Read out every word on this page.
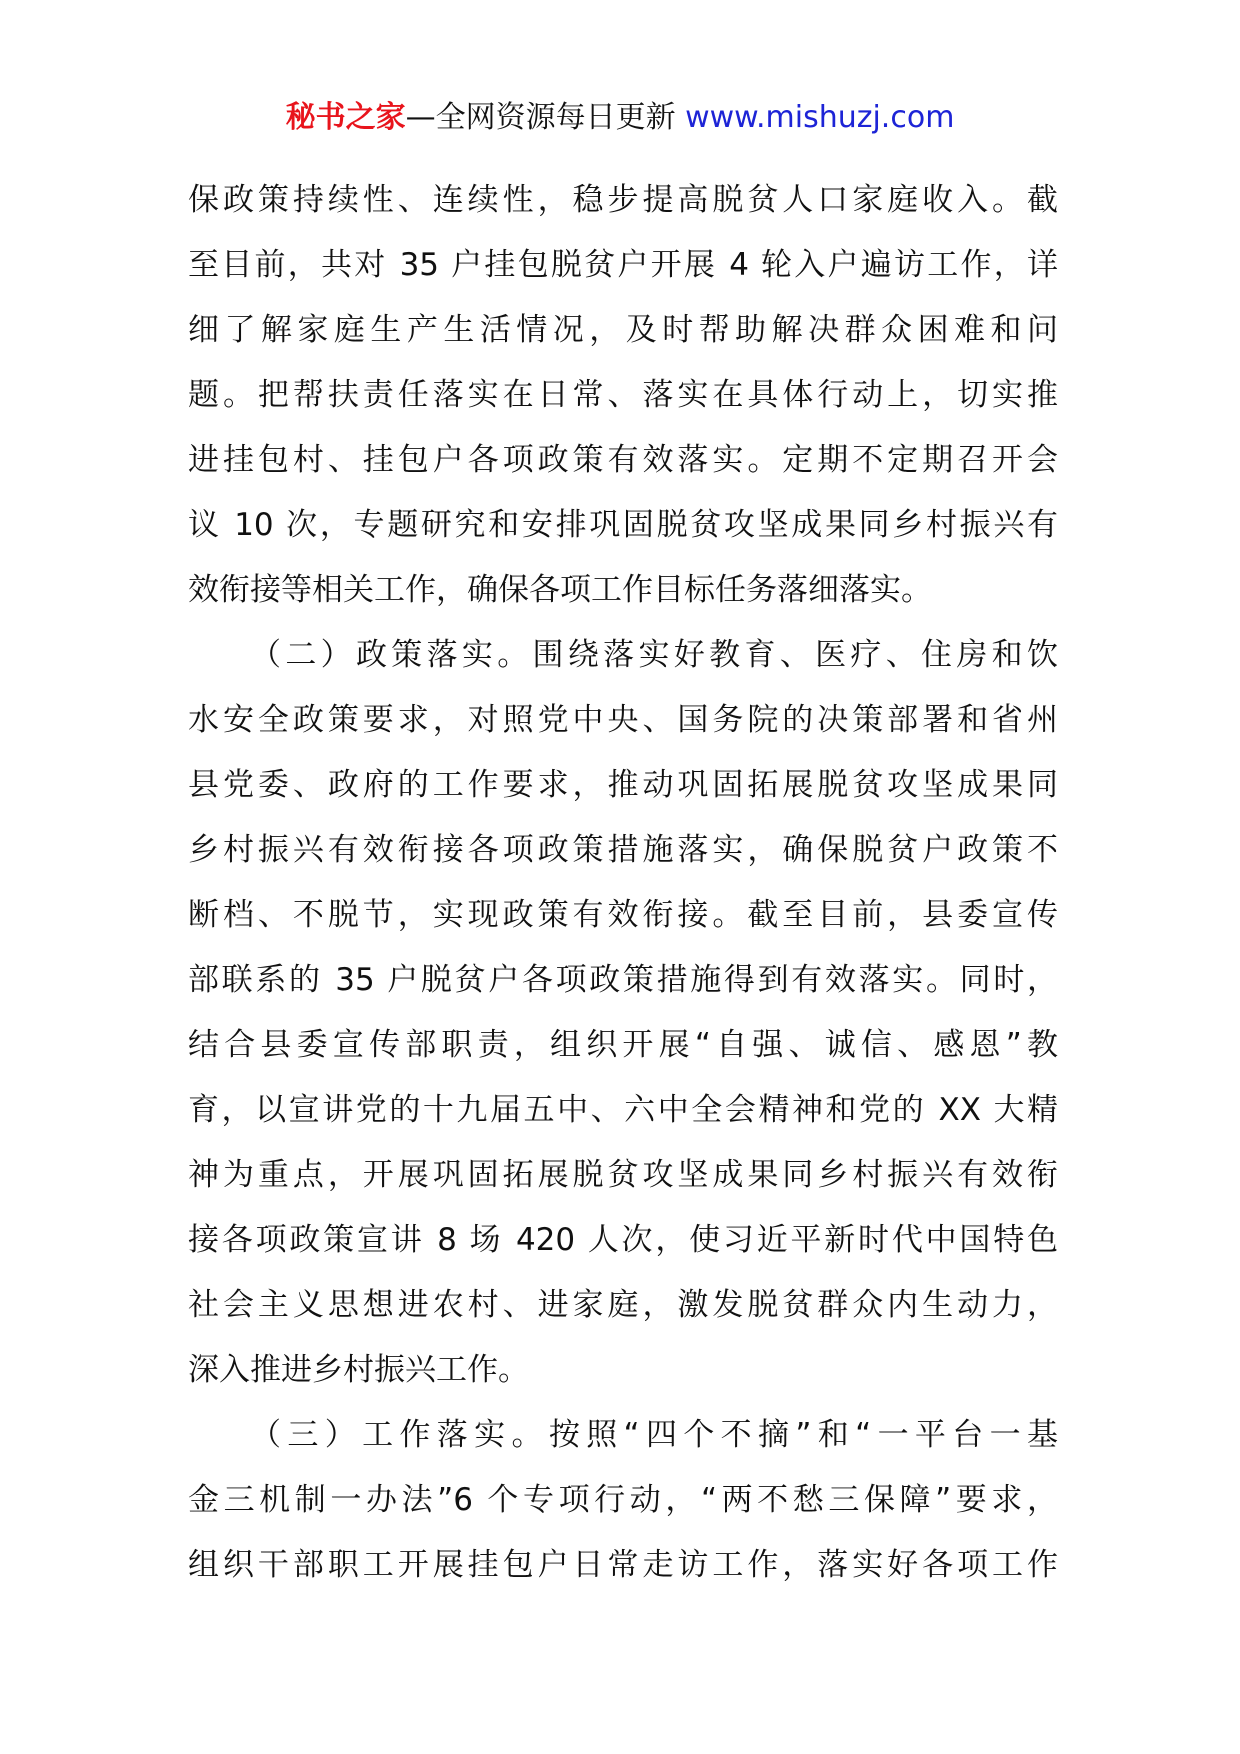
秘书之家—全网资源每日更新 www.mishuzj.com
保政策持续性、连续性，稳步提高脱贫人口家庭收入。截
至目前，共对 35 户挂包脱贫户开展 4 轮入户遍访工作，详
细了解家庭生产生活情况，及时帮助解决群众困难和问
题。把帮扶责任落实在日常、落实在具体行动上，切实推
进挂包村、挂包户各项政策有效落实。定期不定期召开会
议 10 次，专题研究和安排巩固脱贫攻坚成果同乡村振兴有
效衔接等相关工作，确保各项工作目标任务落细落实。
（二）政策落实。围绕落实好教育、医疗、住房和饮
水安全政策要求，对照党中央、国务院的决策部署和省州
县党委、政府的工作要求，推动巩固拓展脱贫攻坚成果同
乡村振兴有效衔接各项政策措施落实，确保脱贫户政策不
断档、不脱节，实现政策有效衔接。截至目前，县委宣传
部联系的 35 户脱贫户各项政策措施得到有效落实。同时，
结合县委宣传部职责，组织开展“自强、诚信、感恩”教
育，以宣讲党的十九届五中、六中全会精神和党的 XX 大精
神为重点，开展巩固拓展脱贫攻坚成果同乡村振兴有效衔
接各项政策宣讲 8 场 420 人次，使习近平新时代中国特色
社会主义思想进农村、进家庭，激发脱贫群众内生动力，
深入推进乡村振兴工作。
（三）工作落实。按照“四个不摘”和“一平台一基
金三机制一办法”6 个专项行动，“两不愁三保障”要求，
组织干部职工开展挂包户日常走访工作，落实好各项工作
